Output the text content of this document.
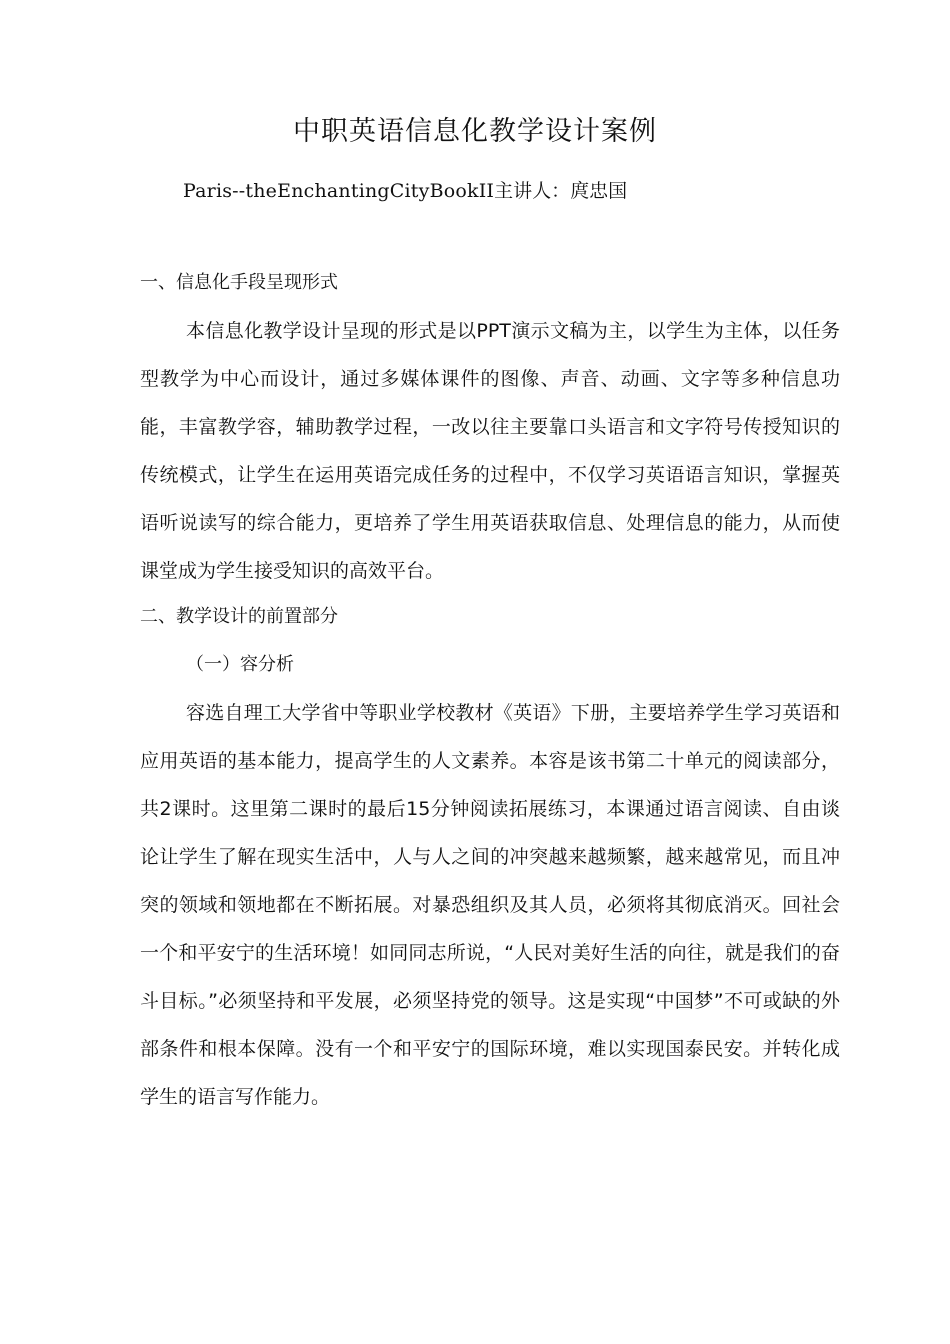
中职英语信息化教学设计案例
Paris--theEnchantingCityBookII主讲人：庹忠国
一、信息化手段呈现形式

本信息化教学设计呈现的形式是以PPT演示文稿为主，以学生为主体，以任务型教学为中心而设计，通过多媒体课件的图像、声音、动画、文字等多种信息功能，丰富教学容，辅助教学过程，一改以往主要靠口头语言和文字符号传授知识的传统模式，让学生在运用英语完成任务的过程中，不仅学习英语语言知识，掌握英语听说读写的综合能力，更培养了学生用英语获取信息、处理信息的能力，从而使课堂成为学生接受知识的高效平台。

二、教学设计的前置部分
（一）容分析

容选自理工大学省中等职业学校教材《英语》下册，主要培养学生学习英语和应用英语的基本能力，提高学生的人文素养。本容是该书第二十单元的阅读部分，共2课时。这里第二课时的最后15分钟阅读拓展练习，本课通过语言阅读、自由谈论让学生了解在现实生活中，人与人之间的冲突越来越频繁，越来越常见，而且冲突的领域和领地都在不断拓展。对暴恐组织及其人员，必须将其彻底消灭。回社会一个和平安宁的生活环境！如同同志所说，“人民对美好生活的向往，就是我们的奋斗目标。”必须坚持和平发展，必须坚持党的领导。这是实现“中国梦”不可或缺的外部条件和根本保障。没有一个和平安宁的国际环境，难以实现国泰民安。并转化成学生的语言写作能力。
